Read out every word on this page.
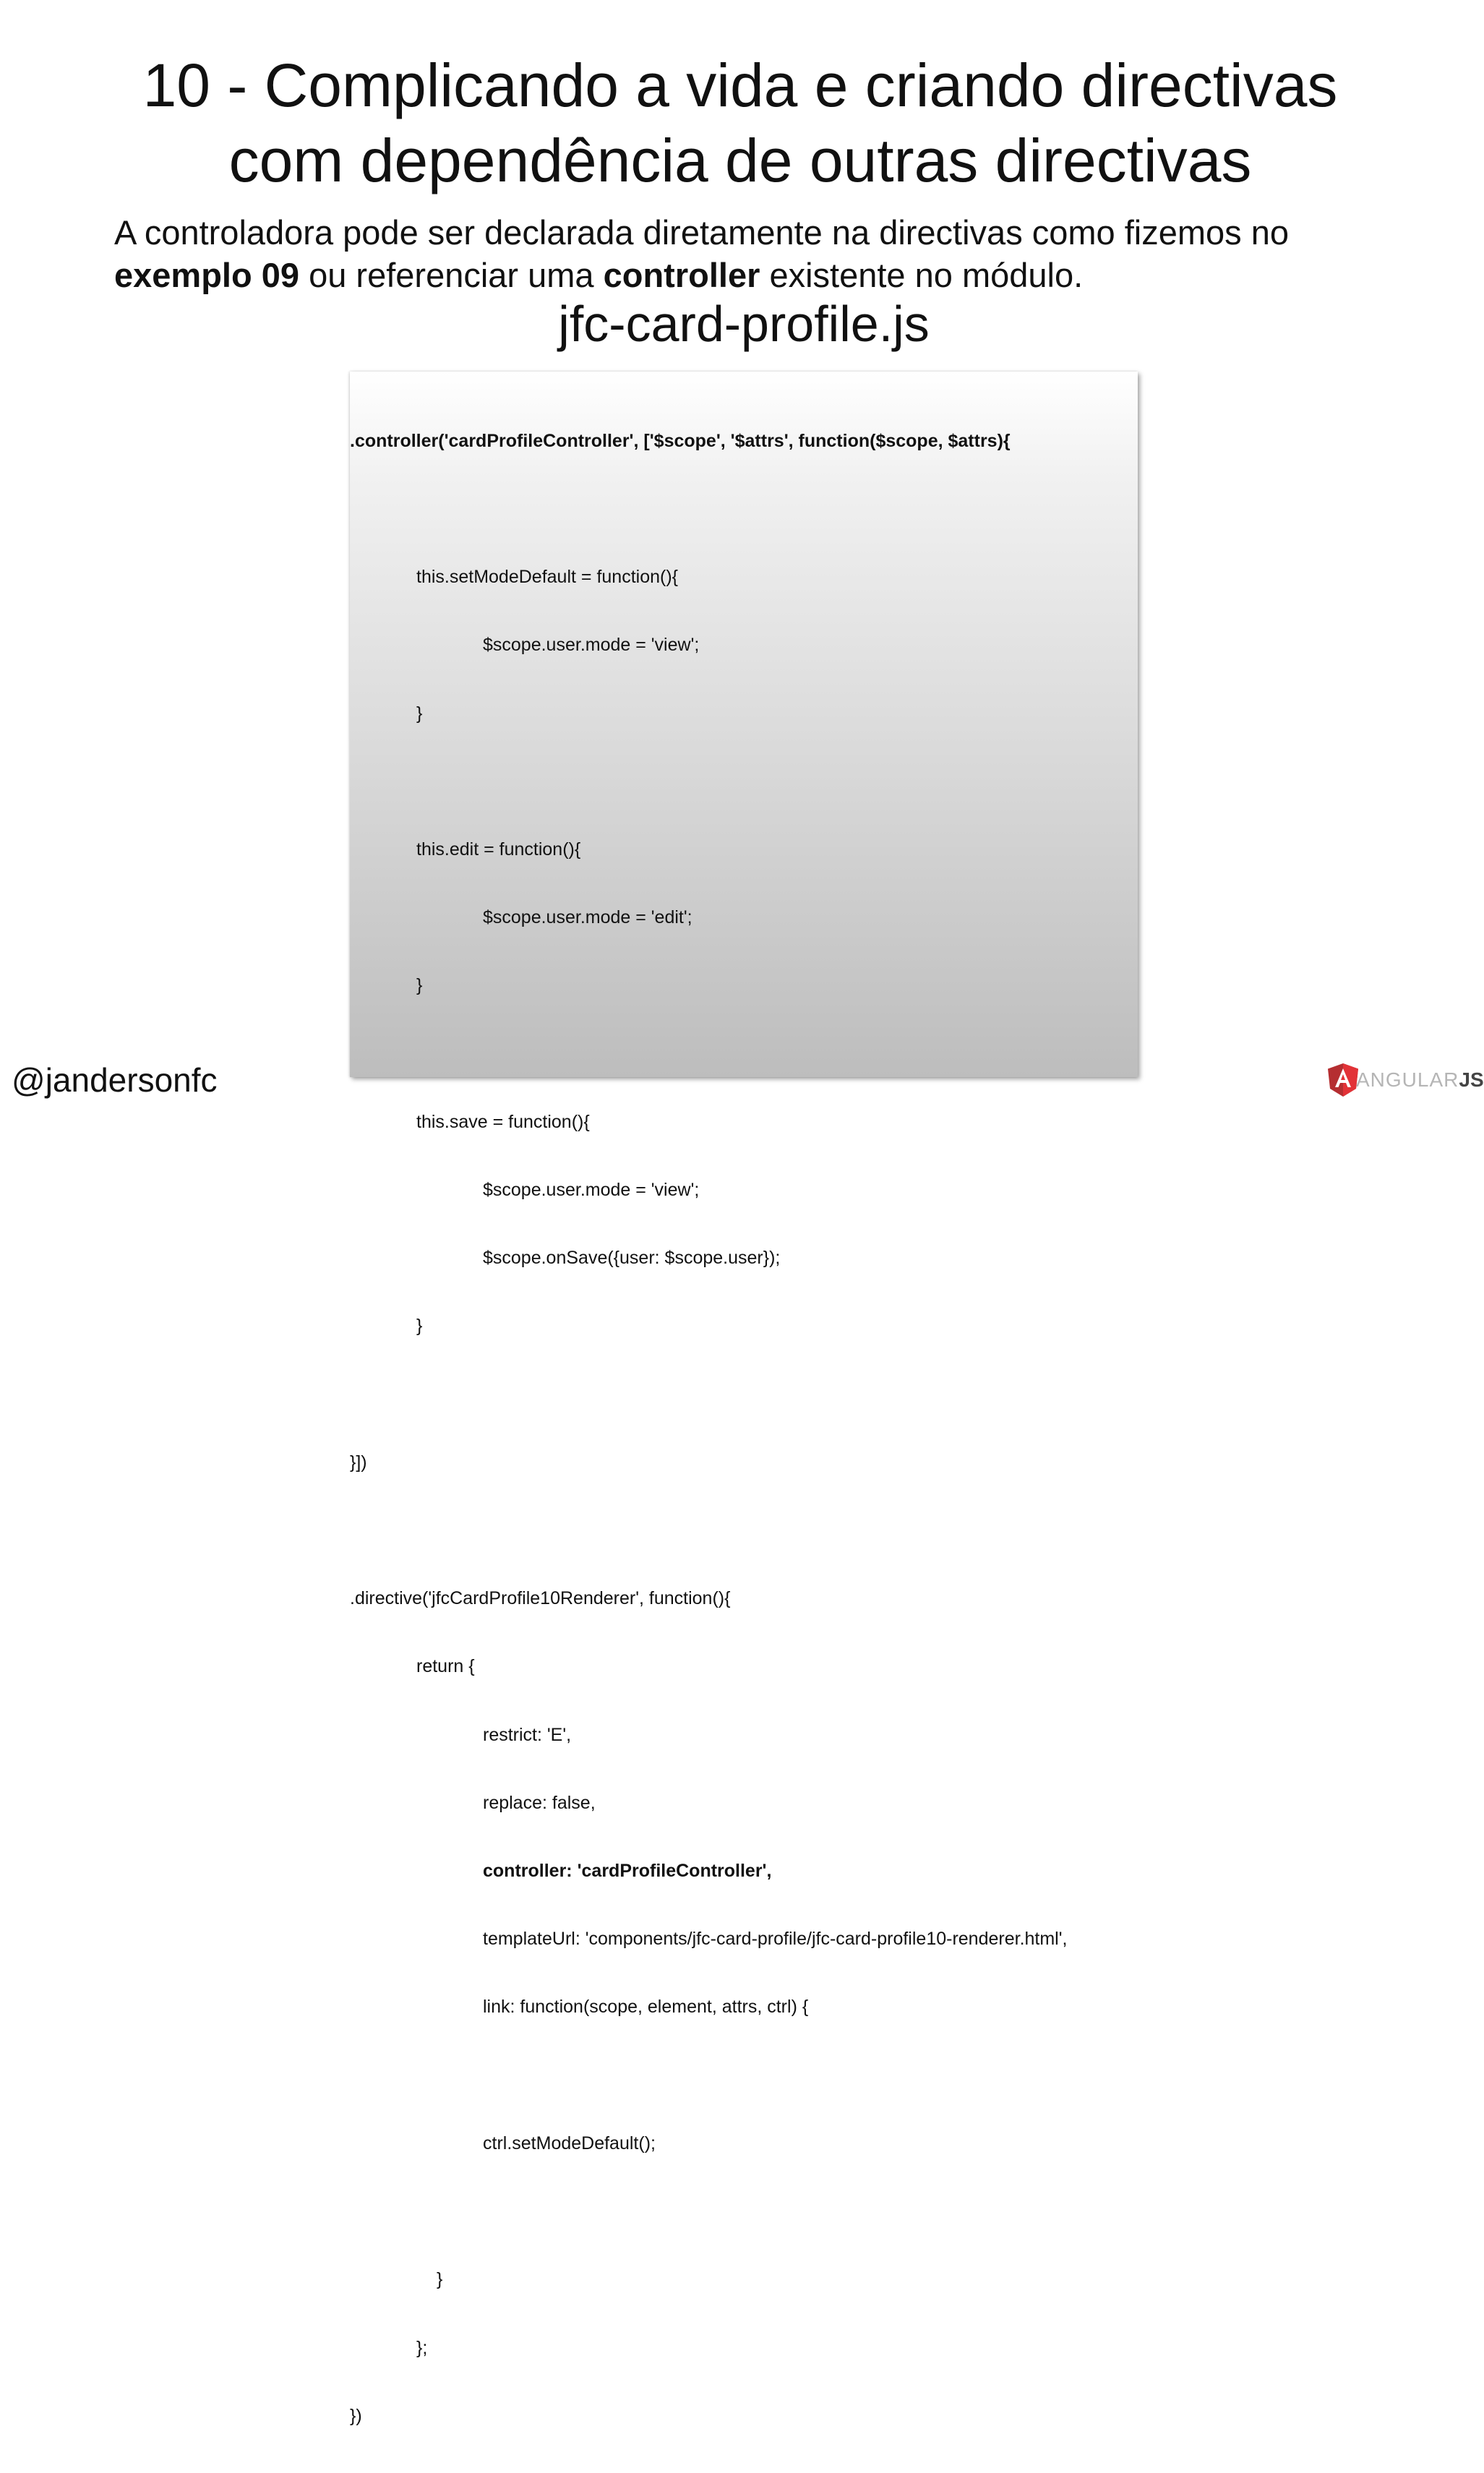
10 - Complicando a vida e criando directivas
com dependência de outras directivas
A controladora pode ser declarada diretamente na directivas como fizemos no exemplo 09 ou referenciar uma controller existente no módulo.
jfc-card-profile.js

.controller('cardProfileController', ['$scope', '$attrs', function($scope, $attrs){

this.setModeDefault = function(){

$scope.user.mode = 'view';

}

this.edit = function(){

$scope.user.mode = 'edit';

}

this.save = function(){

$scope.user.mode = 'view';

$scope.onSave({user: $scope.user});

}

}])

.directive('jfcCardProfile10Renderer', function(){

return {

restrict: 'E',

replace: false,

controller: 'cardProfileController',

templateUrl: 'components/jfc-card-profile/jfc-card-profile10-renderer.html',

link: function(scope, element, attrs, ctrl) {

ctrl.setModeDefault();

}

};

})

@jandersonfc	ANGULARJS
